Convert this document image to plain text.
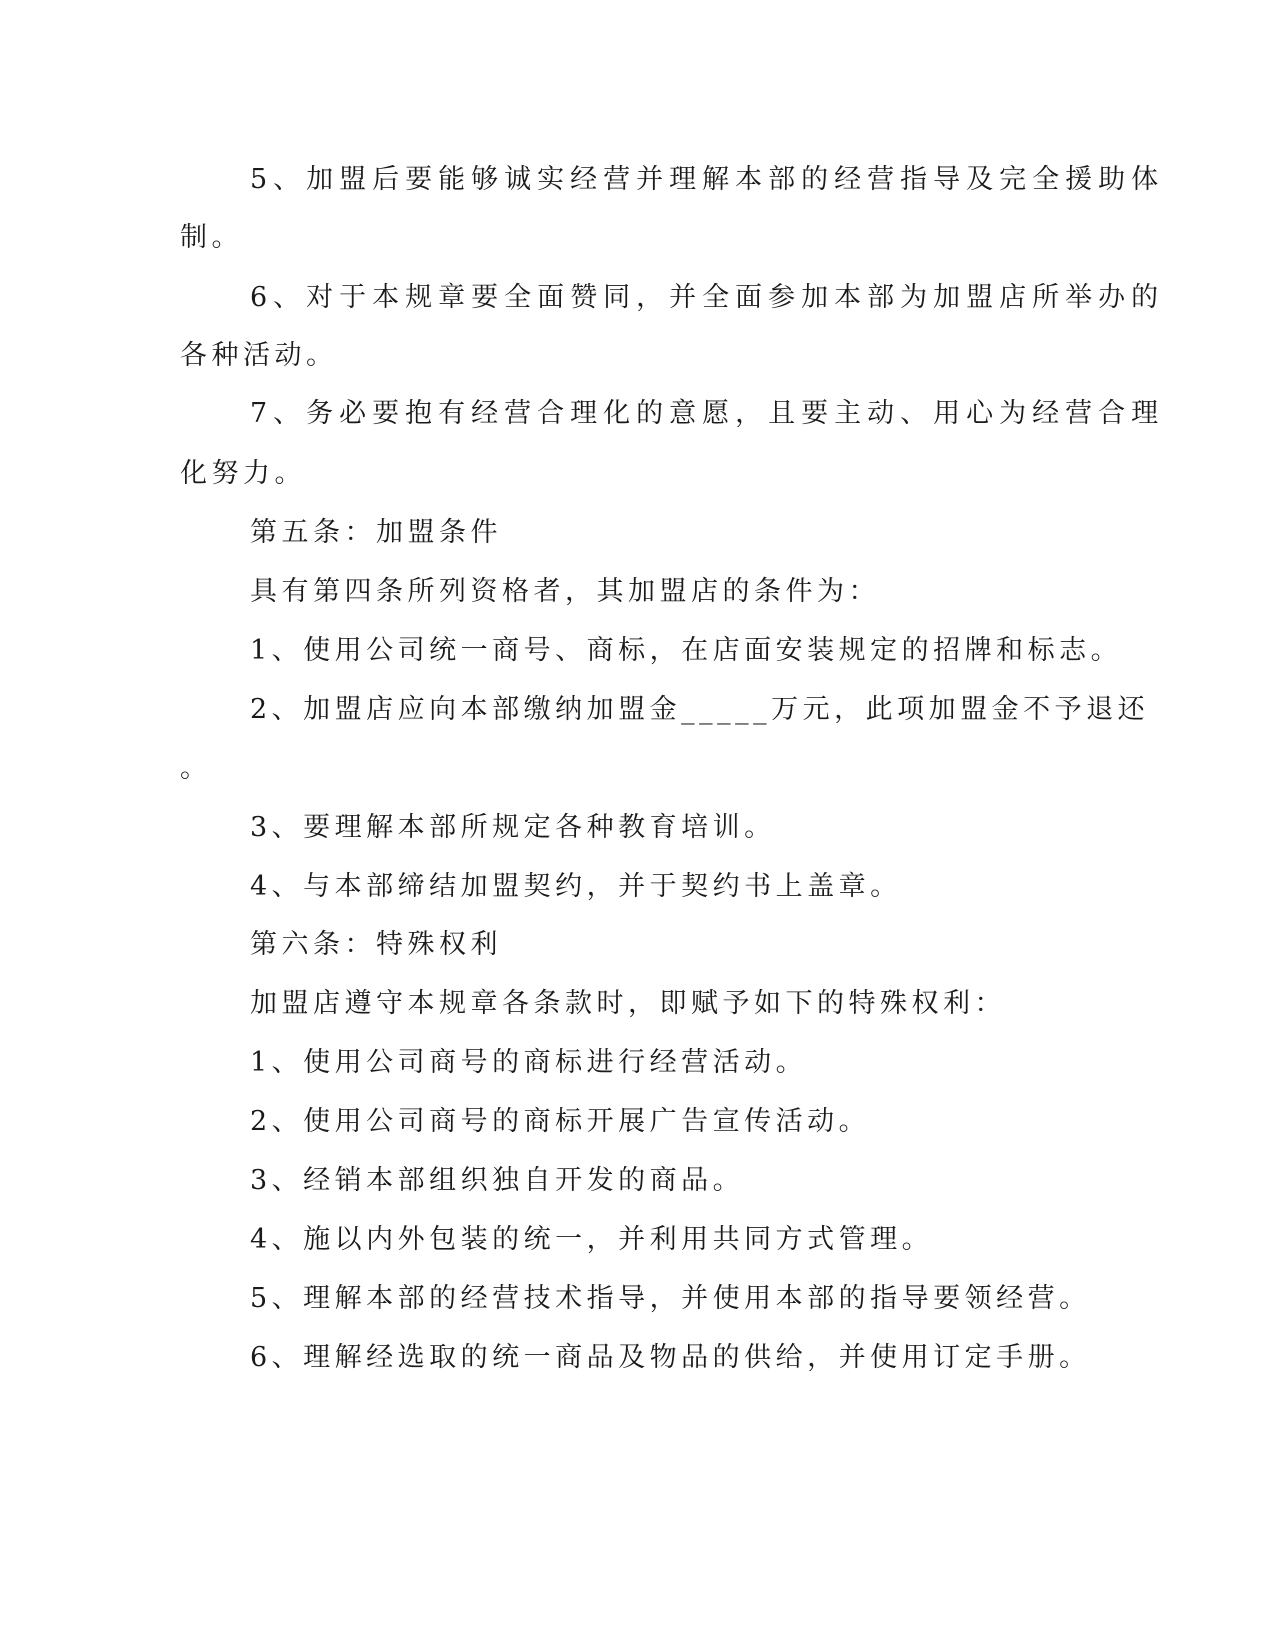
5、加盟后要能够诚实经营并理解本部的经营指导及完全援助体
制。
6、对于本规章要全面赞同，并全面参加本部为加盟店所举办的
各种活动。
7、务必要抱有经营合理化的意愿，且要主动、用心为经营合理
化努力。
第五条：加盟条件
具有第四条所列资格者，其加盟店的条件为：
1、使用公司统一商号、商标，在店面安装规定的招牌和标志。
2、加盟店应向本部缴纳加盟金_____万元，此项加盟金不予退还
。
3、要理解本部所规定各种教育培训。
4、与本部缔结加盟契约，并于契约书上盖章。
第六条：特殊权利
加盟店遵守本规章各条款时，即赋予如下的特殊权利：
1、使用公司商号的商标进行经营活动。
2、使用公司商号的商标开展广告宣传活动。
3、经销本部组织独自开发的商品。
4、施以内外包装的统一，并利用共同方式管理。
5、理解本部的经营技术指导，并使用本部的指导要领经营。
6、理解经选取的统一商品及物品的供给，并使用订定手册。
